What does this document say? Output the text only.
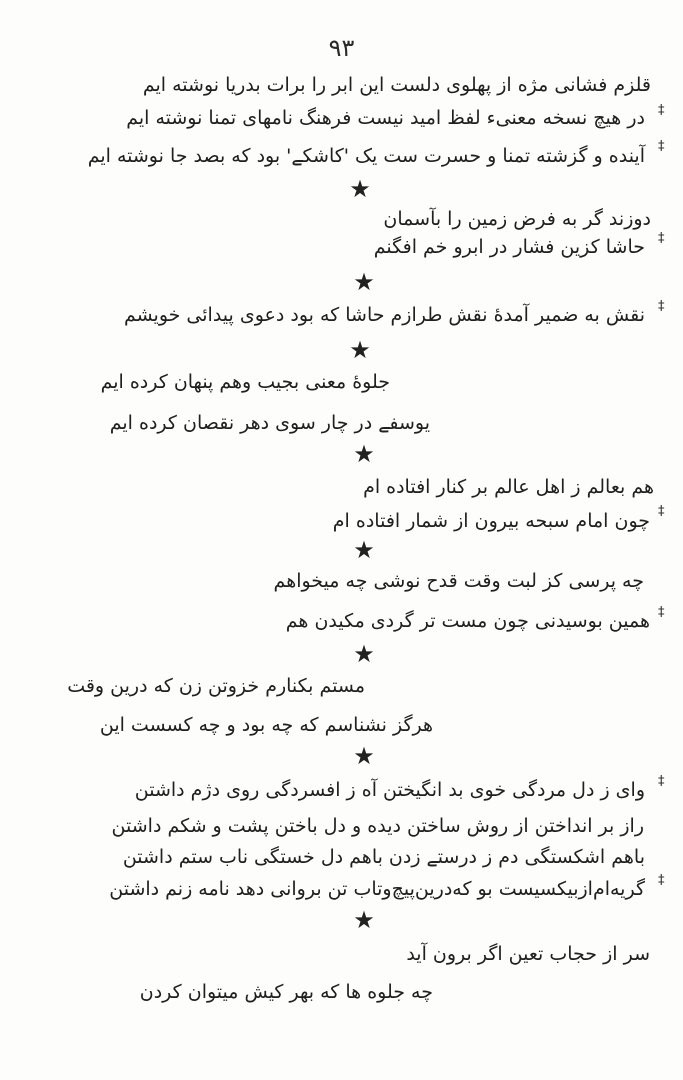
٩٣
قلزم فشانی مژه از پهلوی دلست این ابر را برات بدریا نوشته ایم
در هیچ نسخه معنیء لفظ امید نیست فرهنگ نامهای تمنا نوشته ایم ‡
آینده و گزشته تمنا و حسرت ست یک 'کاشکے' بود که بصد جا نوشته ایم ‡
★
دوزند گر به فرض زمین را بآسمان
حاشا کزین فشار در ابرو خم افگنم ‡
★
نقش به ضمیر آمدهٔ نقش طرازم حاشا که بود دعوی پیدائی خویشم ‡
★
جلوهٔ معنی بجیب وهم پنهان کرده ایم
یوسفے در چار سوی دهر نقصان کرده ایم
★
هم بعالم ز اهل عالم بر کنار افتاده ام
چون امام سبحه بیرون از شمار افتاده ام ‡
★
چه پرسی کز لبت وقت قدح نوشی چه میخواهم
همین بوسیدنی چون مست تر گردی مکیدن هم ‡
★
مستم بکنارم خزوتن زن که درین وقت
هرگز نشناسم که چه بود و چه کسست این
★
وای ز دل مردگی خوی بد انگیختن آه ز افسردگی روی دژم داشتن ‡
راز بر انداختن از روش ساختن دیده و دل باختن پشت و شکم داشتن
باهم اشکستگی دم ز درستے زدن باهم دل خستگی ناب ستم داشتن
گریه‌ام‌از‌بیکسیست بو که‌درین‌پیچ‌وتاب تن بروانی دهد نامه زنم داشتن ‡
★
سر از حجاب تعین اگر برون آید
چه جلوه ها که بهر کیش میتوان کردن
